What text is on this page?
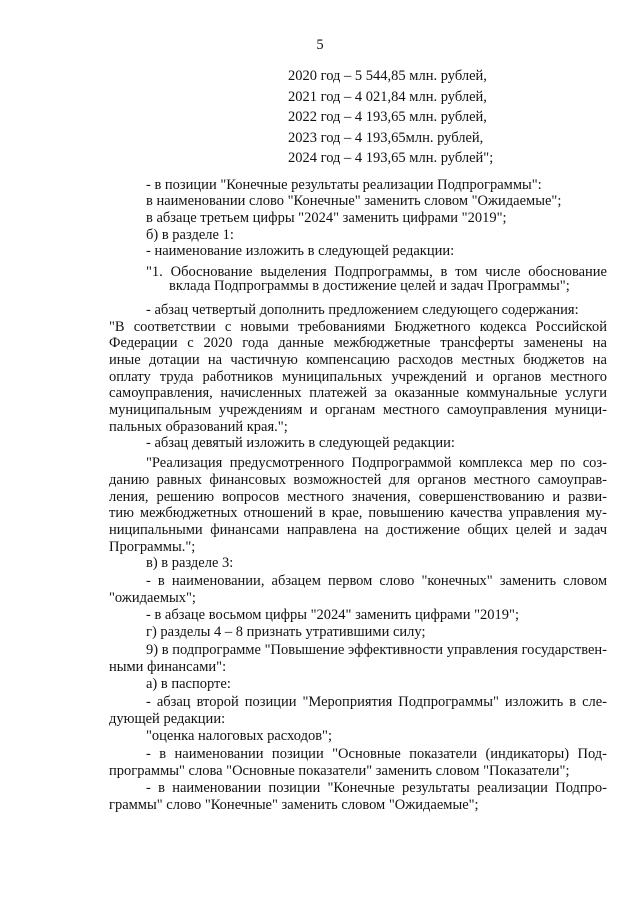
5
2020 год – 5 544,85 млн. рублей,
2021 год – 4 021,84 млн. рублей,
2022 год – 4 193,65 млн. рублей,
2023 год – 4 193,65млн. рублей,
2024 год – 4 193,65 млн. рублей";
- в позиции "Конечные результаты реализации Подпрограммы":
в наименовании слово "Конечные" заменить словом "Ожидаемые";
в абзаце третьем цифры "2024" заменить цифрами "2019";
б) в разделе 1:
- наименование изложить в следующей редакции:
"1. Обоснование выделения Подпрограммы, в том числе обоснование
вклада Подпрограммы в достижение целей и задач Программы";
- абзац четвертый дополнить предложением следующего содержания:
"В соответствии с новыми требованиями Бюджетного кодекса Российской
Федерации с 2020 года данные межбюджетные трансферты заменены на
иные дотации на частичную компенсацию расходов местных бюджетов на
оплату труда работников муниципальных учреждений и органов местного
самоуправления, начисленных платежей за оказанные коммунальные услуги
муниципальным учреждениям и органам местного самоуправления муници-
пальных образований края.";
- абзац девятый изложить в следующей редакции:
"Реализация предусмотренного Подпрограммой комплекса мер по соз-
данию равных финансовых возможностей для органов местного самоуправ-
ления, решению вопросов местного значения, совершенствованию и разви-
тию межбюджетных отношений в крае, повышению качества управления му-
ниципальными финансами направлена на достижение общих целей и задач
Программы.";
в) в разделе 3:
- в наименовании, абзацем первом слово "конечных" заменить словом
"ожидаемых";
- в абзаце восьмом цифры "2024" заменить цифрами "2019";
г) разделы 4 – 8 признать утратившими силу;
9) в подпрограмме "Повышение эффективности управления государствен-
ными финансами":
а) в паспорте:
- абзац второй позиции "Мероприятия Подпрограммы" изложить в сле-
дующей редакции:
"оценка налоговых расходов";
- в наименовании позиции "Основные показатели (индикаторы) Под-
программы" слова "Основные показатели" заменить словом "Показатели";
- в наименовании позиции "Конечные результаты реализации Подпро-
граммы" слово "Конечные" заменить словом "Ожидаемые";
